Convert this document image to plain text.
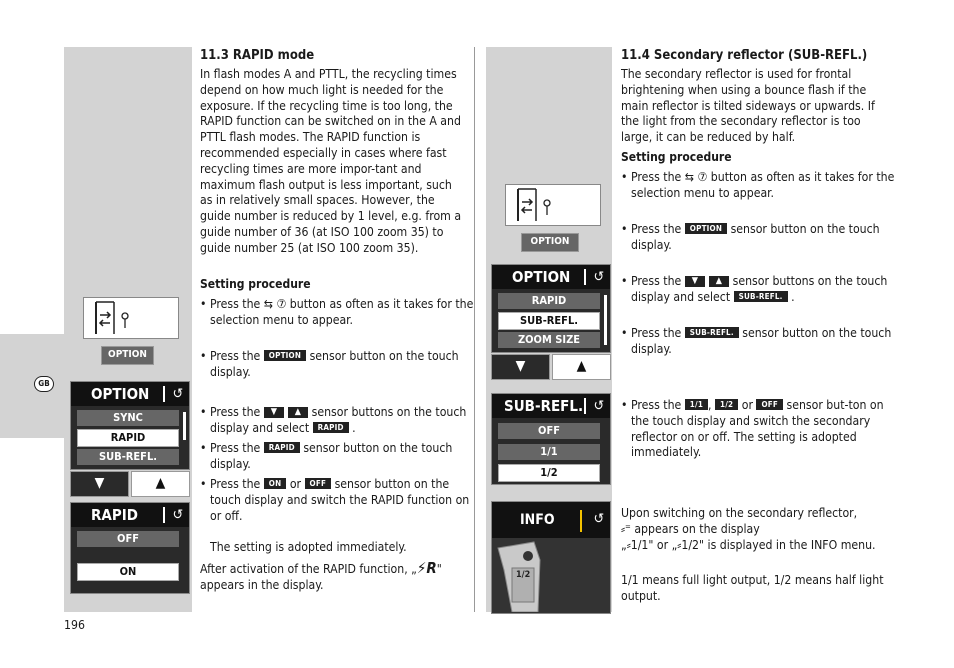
GB
OPTION
OPTION	↺
SYNC
RAPID
SUB-REFL.
▼	▲
RAPID	↺
OFF
ON
11.3 RAPID mode
In flash modes A and PTTL, the recycling times depend on how much light is needed for the exposure. If the recycling time is too long, the RAPID function can be switched on in the A and PTTL flash modes. The RAPID function is recommended especially in cases where fast recycling times are more impor-tant and maximum flash output is less important, such as in relatively small spaces. However, the guide number is reduced by 1 level, e.g. from a guide number of 36 (at ISO 100 zoom 35) to guide number 25 (at ISO 100 zoom 35).
Setting procedure
• Press the ⇆ ⑦ button as often as it takes for the selection menu to appear.
• Press the OPTION sensor button on the touch display.
• Press the ▼ ▲ sensor buttons on the touch display and select RAPID .
• Press the RAPID sensor button on the touch display.
• Press the ON or OFF sensor button on the touch display and switch the RAPID function on or off.
The setting is adopted immediately.
After activation of the RAPID function, „⚡R" appears in the display.
OPTION
OPTION	↺
RAPID
SUB-REFL.
ZOOM SIZE
▼	▲
SUB-REFL. ↺
OFF
1/1
1/2
INFO	↺
1/2
11.4 Secondary reflector (SUB-REFL.)
The secondary reflector is used for frontal brightening when using a bounce flash if the main reflector is tilted sideways or upwards. If the light from the secondary reflector is too large, it can be reduced by half.
Setting procedure
• Press the ⇆ ⑦ button as often as it takes for the selection menu to appear.
• Press the OPTION sensor button on the touch display.
• Press the ▼ ▲ sensor buttons on the touch display and select SUB-REFL. .
• Press the SUB-REFL. sensor button on the touch display.
• Press the 1/1 , 1/2 or OFF sensor but-ton on the touch display and switch the secondary reflector on or off. The setting is adopted immediately.
Upon switching on the secondary reflector,
⸗⁼ appears on the display
„⸗1/1" or „⸗1/2" is displayed in the INFO menu.
1/1 means full light output, 1/2 means half light output.
196
